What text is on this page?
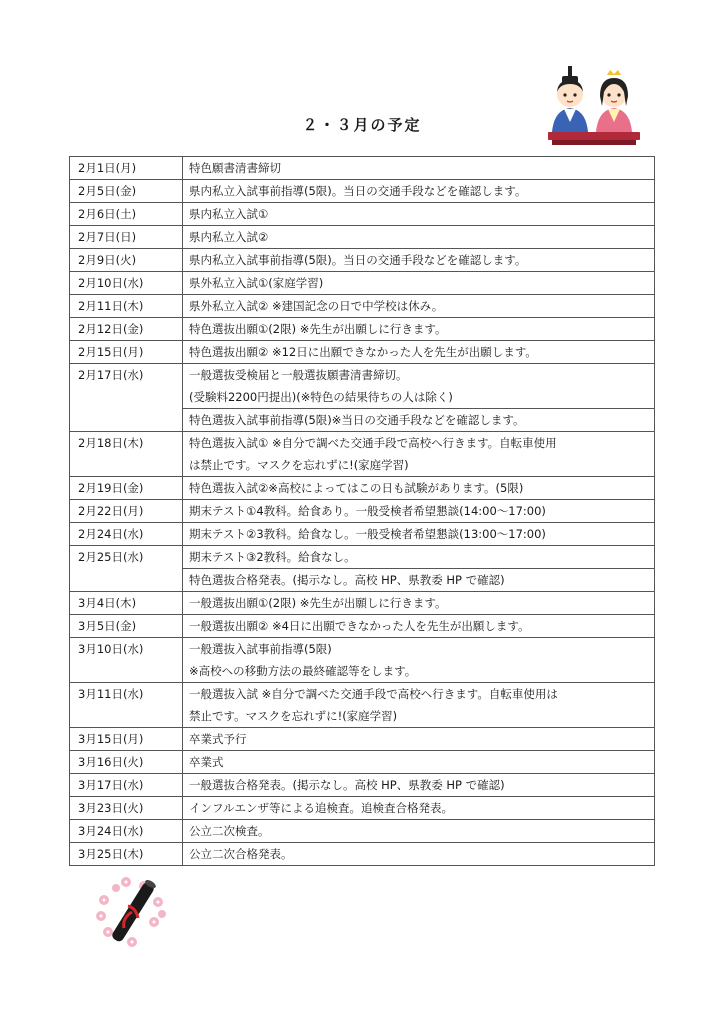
２・３月の予定
2月1日(月)	特色願書清書締切

2月5日(金)	県内私立入試事前指導(5限)。当日の交通手段などを確認します。

2月6日(土)	県内私立入試①

2月7日(日)	県内私立入試②

2月9日(火)	県内私立入試事前指導(5限)。当日の交通手段などを確認します。

2月10日(水)	県外私立入試①(家庭学習)

2月11日(木)	県外私立入試② ※建国記念の日で中学校は休み。

2月12日(金)	特色選抜出願①(2限) ※先生が出願しに行きます。

2月15日(月)	特色選抜出願② ※12日に出願できなかった人を先生が出願します。

2月17日(水)	一般選抜受検届と一般選抜願書清書締切。
(受験料2200円提出)(※特色の結果待ちの人は除く)
特色選抜入試事前指導(5限)※当日の交通手段などを確認します。

2月18日(木)	特色選抜入試① ※自分で調べた交通手段で高校へ行きます。自転車使用
は禁止です。マスクを忘れずに!(家庭学習)

2月19日(金)	特色選抜入試②※高校によってはこの日も試験があります。(5限)

2月22日(月)	期末テスト①4教科。給食あり。一般受検者希望懇談(14:00～17:00)

2月24日(水)	期末テスト②3教科。給食なし。一般受検者希望懇談(13:00～17:00)

2月25日(水)	期末テスト③2教科。給食なし。
特色選抜合格発表。(掲示なし。高校 HP、県教委 HP で確認)

3月4日(木)	一般選抜出願①(2限) ※先生が出願しに行きます。

3月5日(金)	一般選抜出願② ※4日に出願できなかった人を先生が出願します。

3月10日(水)	一般選抜入試事前指導(5限)
※高校への移動方法の最終確認等をします。

3月11日(水)	一般選抜入試 ※自分で調べた交通手段で高校へ行きます。自転車使用は
禁止です。マスクを忘れずに!(家庭学習)

3月15日(月)	卒業式予行

3月16日(火)	卒業式

3月17日(水)	一般選抜合格発表。(掲示なし。高校 HP、県教委 HP で確認)

3月23日(火)	インフルエンザ等による追検査。追検査合格発表。

3月24日(水)	公立二次検査。

3月25日(木)	公立二次合格発表。
